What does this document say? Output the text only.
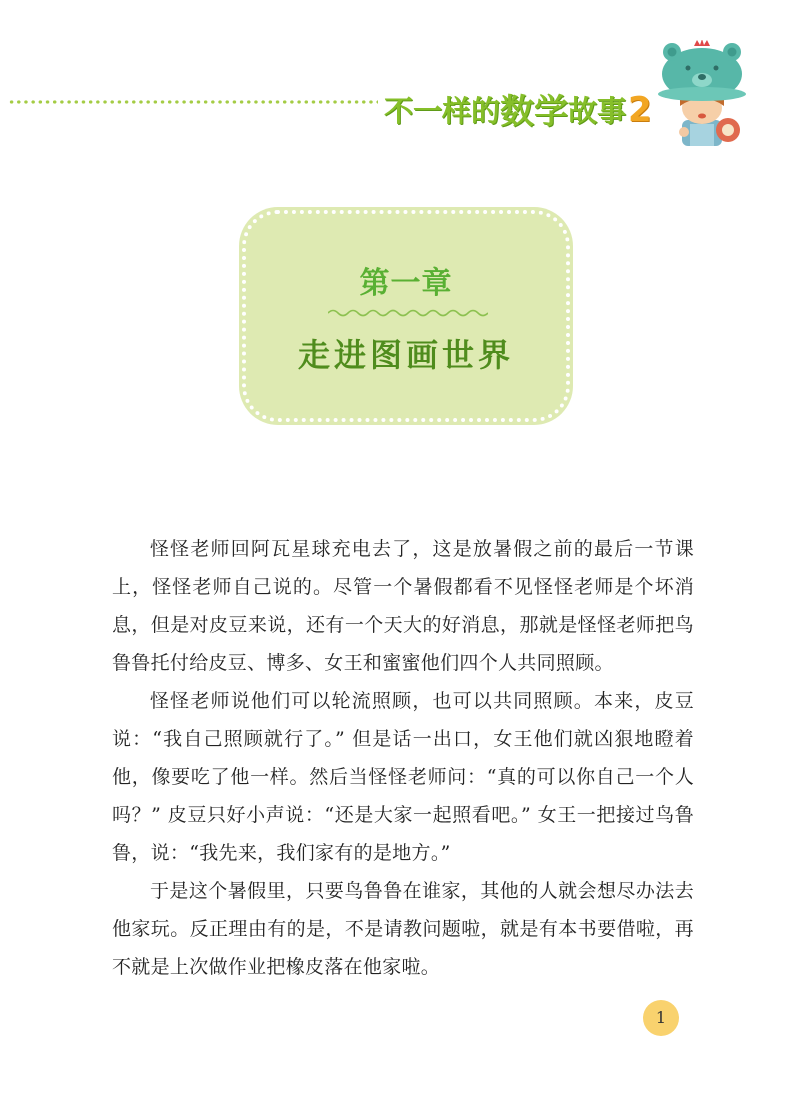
不一样的数学故事2
第一章
走进图画世界

怪怪老师回阿瓦星球充电去了，这是放暑假之前的最后一节课上，怪怪老师自己说的。尽管一个暑假都看不见怪怪老师是个坏消息，但是对皮豆来说，还有一个天大的好消息，那就是怪怪老师把鸟鲁鲁托付给皮豆、博多、女王和蜜蜜他们四个人共同照顾。

怪怪老师说他们可以轮流照顾，也可以共同照顾。本来，皮豆说：“我自己照顾就行了。” 但是话一出口，女王他们就凶狠地瞪着他，像要吃了他一样。然后当怪怪老师问：“真的可以你自己一个人吗？” 皮豆只好小声说：“还是大家一起照看吧。” 女王一把接过鸟鲁鲁，说：“我先来，我们家有的是地方。”

于是这个暑假里，只要鸟鲁鲁在谁家，其他的人就会想尽办法去他家玩。反正理由有的是，不是请教问题啦，就是有本书要借啦，再不就是上次做作业把橡皮落在他家啦。

1
